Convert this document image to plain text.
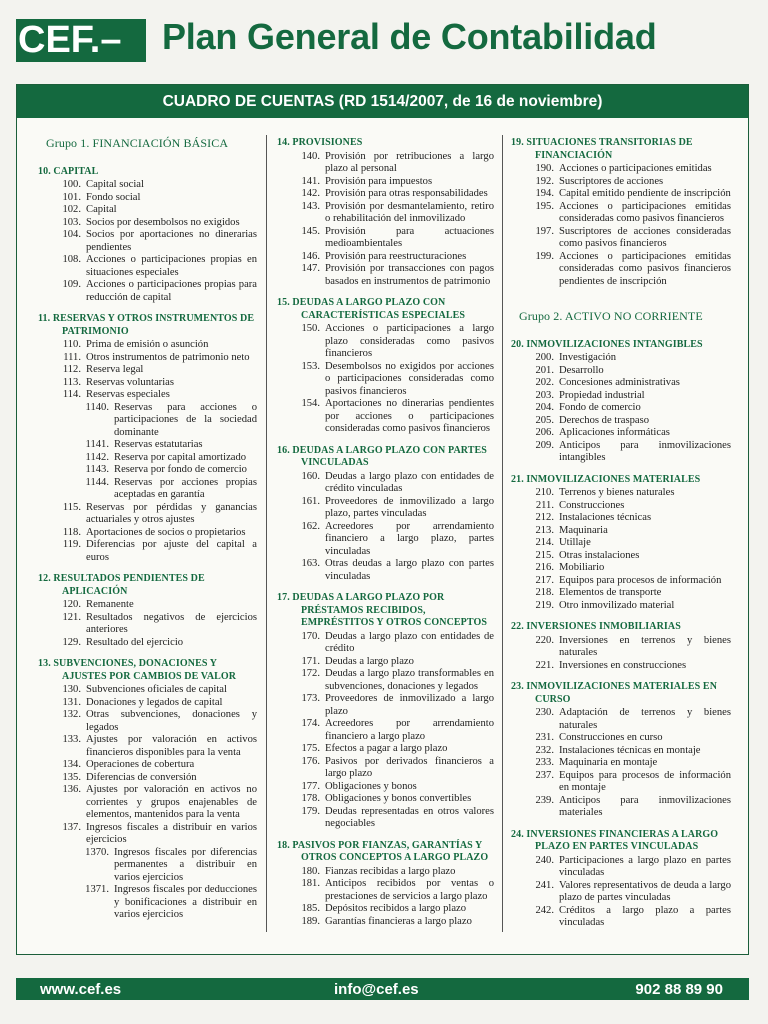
CEF.–	Plan General de Contabilidad
CUADRO DE CUENTAS (RD 1514/2007, de 16 de noviembre)
Grupo 1. FINANCIACIÓN BÁSICA
10. CAPITAL
100. Capital social
101. Fondo social
102. Capital
103. Socios por desembolsos no exigidos
104. Socios por aportaciones no dinerarias pendientes
108. Acciones o participaciones propias en situaciones especiales
109. Acciones o participaciones propias para reducción de capital
11. RESERVAS Y OTROS INSTRUMENTOS DE PATRIMONIO
110. Prima de emisión o asunción
111. Otros instrumentos de patrimonio neto
112. Reserva legal
113. Reservas voluntarias
114. Reservas especiales
1140. Reservas para acciones o participaciones de la sociedad dominante
1141. Reservas estatutarias
1142. Reserva por capital amortizado
1143. Reserva por fondo de comercio
1144. Reservas por acciones propias aceptadas en garantía
115. Reservas por pérdidas y ganancias actuariales y otros ajustes
118. Aportaciones de socios o propietarios
119. Diferencias por ajuste del capital a euros
12. RESULTADOS PENDIENTES DE APLICACIÓN
120. Remanente
121. Resultados negativos de ejercicios anteriores
129. Resultado del ejercicio
13. SUBVENCIONES, DONACIONES Y AJUSTES POR CAMBIOS DE VALOR
130. Subvenciones oficiales de capital
131. Donaciones y legados de capital
132. Otras subvenciones, donaciones y legados
133. Ajustes por valoración en activos financieros disponibles para la venta
134. Operaciones de cobertura
135. Diferencias de conversión
136. Ajustes por valoración en activos no corrientes y grupos enajenables de elementos, mantenidos para la venta
137. Ingresos fiscales a distribuir en varios ejercicios
1370. Ingresos fiscales por diferencias permanentes a distribuir en varios ejercicios
1371. Ingresos fiscales por deducciones y bonificaciones a distribuir en varios ejercicios
14. PROVISIONES
140. Provisión por retribuciones a largo plazo al personal
141. Provisión para impuestos
142. Provisión para otras responsabilidades
143. Provisión por desmantelamiento, retiro o rehabilitación del inmovilizado
145. Provisión para actuaciones medioambientales
146. Provisión para reestructuraciones
147. Provisión por transacciones con pagos basados en instrumentos de patrimonio
15. DEUDAS A LARGO PLAZO CON CARACTERÍSTICAS ESPECIALES
150. Acciones o participaciones a largo plazo consideradas como pasivos financieros
153. Desembolsos no exigidos por acciones o participaciones consideradas como pasivos financieros
154. Aportaciones no dinerarias pendientes por acciones o participaciones consideradas como pasivos financieros
16. DEUDAS A LARGO PLAZO CON PARTES VINCULADAS
160. Deudas a largo plazo con entidades de crédito vinculadas
161. Proveedores de inmovilizado a largo plazo, partes vinculadas
162. Acreedores por arrendamiento financiero a largo plazo, partes vinculadas
163. Otras deudas a largo plazo con partes vinculadas
17. DEUDAS A LARGO PLAZO POR PRÉSTAMOS RECIBIDOS, EMPRÉSTITOS Y OTROS CONCEPTOS
170. Deudas a largo plazo con entidades de crédito
171. Deudas a largo plazo
172. Deudas a largo plazo transformables en subvenciones, donaciones y legados
173. Proveedores de inmovilizado a largo plazo
174. Acreedores por arrendamiento financiero a largo plazo
175. Efectos a pagar a largo plazo
176. Pasivos por derivados financieros a largo plazo
177. Obligaciones y bonos
178. Obligaciones y bonos convertibles
179. Deudas representadas en otros valores negociables
18. PASIVOS POR FIANZAS, GARANTÍAS Y OTROS CONCEPTOS A LARGO PLAZO
180. Fianzas recibidas a largo plazo
181. Anticipos recibidos por ventas o prestaciones de servicios a largo plazo
185. Depósitos recibidos a largo plazo
189. Garantías financieras a largo plazo
19. SITUACIONES TRANSITORIAS DE FINANCIACIÓN
190. Acciones o participaciones emitidas
192. Suscriptores de acciones
194. Capital emitido pendiente de inscripción
195. Acciones o participaciones emitidas consideradas como pasivos financieros
197. Suscriptores de acciones consideradas como pasivos financieros
199. Acciones o participaciones emitidas consideradas como pasivos financieros pendientes de inscripción
Grupo 2. ACTIVO NO CORRIENTE
20. INMOVILIZACIONES INTANGIBLES
200. Investigación
201. Desarrollo
202. Concesiones administrativas
203. Propiedad industrial
204. Fondo de comercio
205. Derechos de traspaso
206. Aplicaciones informáticas
209. Anticipos para inmovilizaciones intangibles
21. INMOVILIZACIONES MATERIALES
210. Terrenos y bienes naturales
211. Construcciones
212. Instalaciones técnicas
213. Maquinaria
214. Utillaje
215. Otras instalaciones
216. Mobiliario
217. Equipos para procesos de información
218. Elementos de transporte
219. Otro inmovilizado material
22. INVERSIONES INMOBILIARIAS
220. Inversiones en terrenos y bienes naturales
221. Inversiones en construcciones
23. INMOVILIZACIONES MATERIALES EN CURSO
230. Adaptación de terrenos y bienes naturales
231. Construcciones en curso
232. Instalaciones técnicas en montaje
233. Maquinaria en montaje
237. Equipos para procesos de información en montaje
239. Anticipos para inmovilizaciones materiales
24. INVERSIONES FINANCIERAS A LARGO PLAZO EN PARTES VINCULADAS
240. Participaciones a largo plazo en partes vinculadas
241. Valores representativos de deuda a largo plazo de partes vinculadas
242. Créditos a largo plazo a partes vinculadas
www.cef.es	info@cef.es	902 88 89 90
